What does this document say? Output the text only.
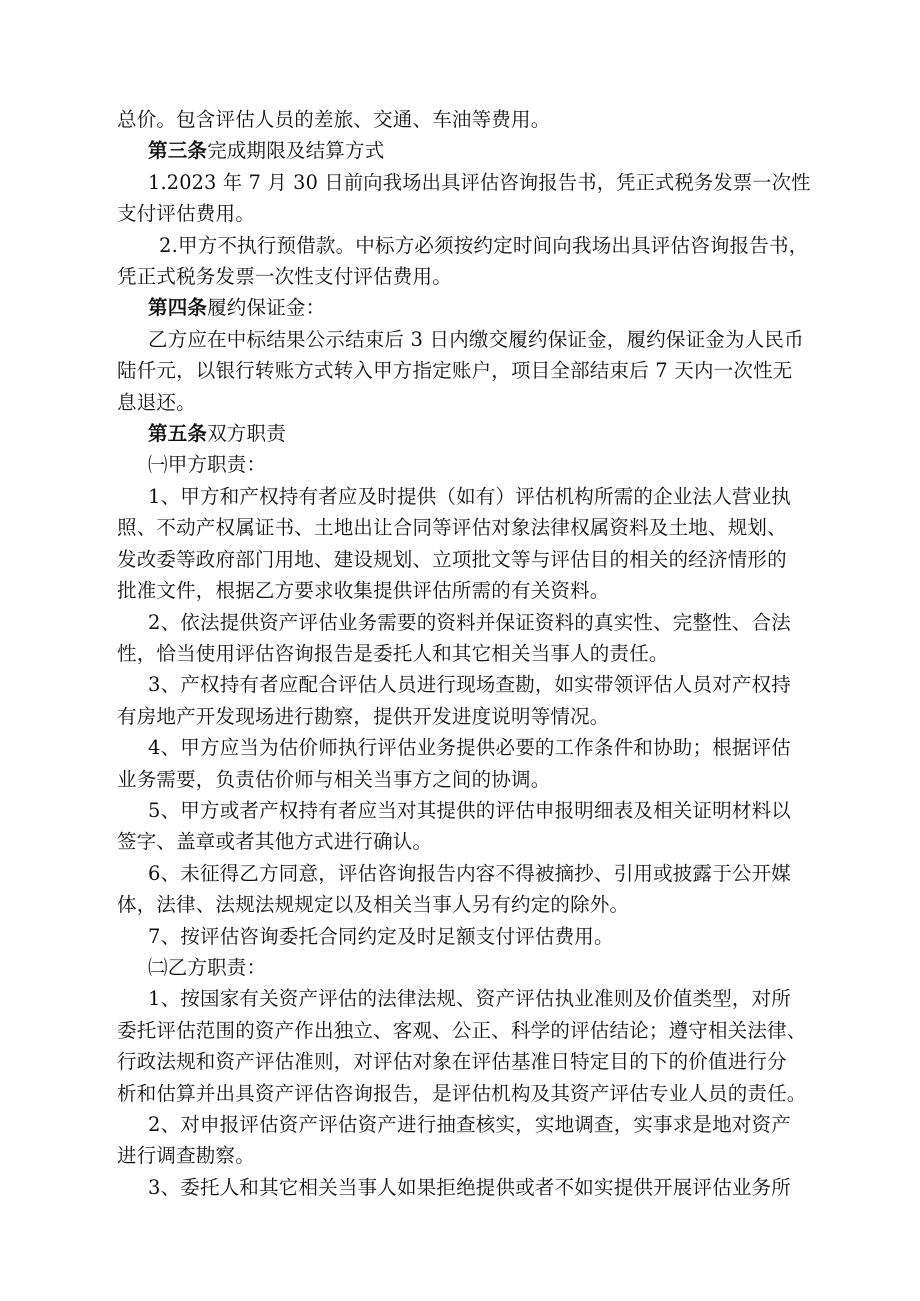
总价。包含评估人员的差旅、交通、车油等费用。
第三条完成期限及结算方式
1.2023 年 7 月 30 日前向我场出具评估咨询报告书，凭正式税务发票一次性
支付评估费用。
2.甲方不执行预借款。中标方必须按约定时间向我场出具评估咨询报告书，
凭正式税务发票一次性支付评估费用。
第四条履约保证金：
乙方应在中标结果公示结束后 3 日内缴交履约保证金，履约保证金为人民币
陆仟元，以银行转账方式转入甲方指定账户，项目全部结束后 7 天内一次性无
息退还。
第五条双方职责
㈠甲方职责：
1、甲方和产权持有者应及时提供（如有）评估机构所需的企业法人营业执
照、不动产权属证书、土地出让合同等评估对象法律权属资料及土地、规划、
发改委等政府部门用地、建设规划、立项批文等与评估目的相关的经济情形的
批准文件，根据乙方要求收集提供评估所需的有关资料。
2、依法提供资产评估业务需要的资料并保证资料的真实性、完整性、合法
性，恰当使用评估咨询报告是委托人和其它相关当事人的责任。
3、产权持有者应配合评估人员进行现场查勘，如实带领评估人员对产权持
有房地产开发现场进行勘察，提供开发进度说明等情况。
4、甲方应当为估价师执行评估业务提供必要的工作条件和协助；根据评估
业务需要，负责估价师与相关当事方之间的协调。
5、甲方或者产权持有者应当对其提供的评估申报明细表及相关证明材料以
签字、盖章或者其他方式进行确认。
6、未征得乙方同意，评估咨询报告内容不得被摘抄、引用或披露于公开媒
体，法律、法规法规规定以及相关当事人另有约定的除外。
7、按评估咨询委托合同约定及时足额支付评估费用。
㈡乙方职责：
1、按国家有关资产评估的法律法规、资产评估执业准则及价值类型，对所
委托评估范围的资产作出独立、客观、公正、科学的评估结论；遵守相关法律、
行政法规和资产评估准则，对评估对象在评估基准日特定目的下的价值进行分
析和估算并出具资产评估咨询报告，是评估机构及其资产评估专业人员的责任。
2、对申报评估资产评估资产进行抽查核实，实地调查，实事求是地对资产
进行调查勘察。
3、委托人和其它相关当事人如果拒绝提供或者不如实提供开展评估业务所
